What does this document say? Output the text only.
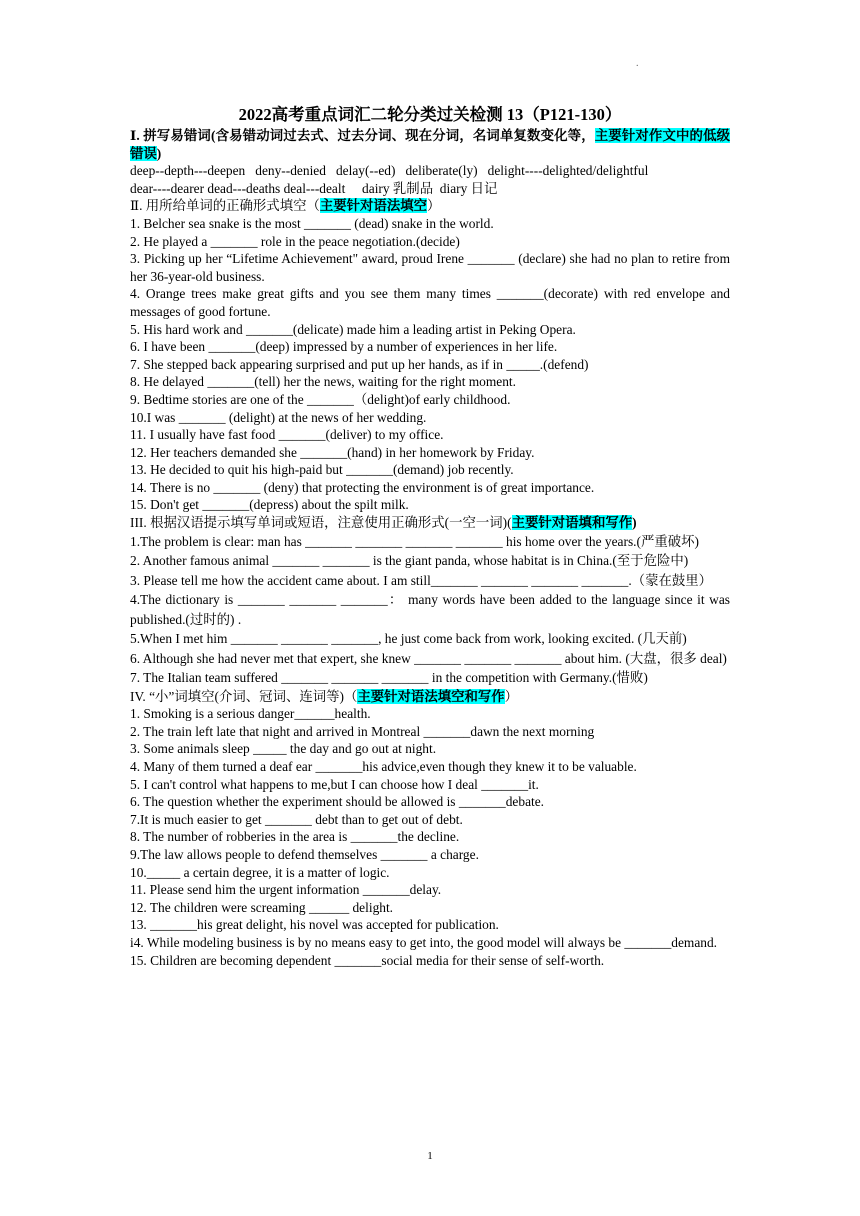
.
2022高考重点词汇二轮分类过关检测 13（P121-130）
Ⅰ. 拼写易错词(含易错动词过去式、过去分词、现在分词，名词单复数变化等，主要针对作文中的低级错误)
deep--depth---deepen   deny--denied   delay(--ed)   deliberate(ly)   delight----delighted/delightful
dear----dearer dead---deaths deal---dealt     dairy 乳制品  diary 日记
Ⅱ. 用所给单词的正确形式填空（主要针对语法填空）
1. Belcher sea snake is the most _______ (dead) snake in the world.
2. He played a _______ role in the peace negotiation.(decide)
3. Picking up her “Lifetime Achievement" award, proud Irene _______ (declare) she had no plan to retire from her 36-year-old business.
4. Orange trees make great gifts and you see them many times _______(decorate) with red envelope and messages of good fortune.
5. His hard work and _______(delicate) made him a leading artist in Peking Opera.
6. I have been _______(deep) impressed by a number of experiences in her life.
7. She stepped back appearing surprised and put up her hands, as if in _____.(defend)
8. He delayed _______(tell) her the news, waiting for the right moment.
9. Bedtime stories are one of the _______（delight)of early childhood.
10.I was _______ (delight) at the news of her wedding.
11. I usually have fast food _______(deliver) to my office.
12. Her teachers demanded she _______(hand) in her homework by Friday.
13. He decided to quit his high-paid but _______(demand) job recently.
14. There is no _______ (deny) that protecting the environment is of great importance.
15. Don't get _______(depress) about the spilt milk.
III. 根据汉语提示填写单词或短语，注意使用正确形式(一空一词)(主要针对语填和写作)
1.The problem is clear: man has _______ _______ _______ _______ his home over the years.(严重破坏)
2. Another famous animal _______ _______ is the giant panda, whose habitat is in China.(至于危险中)
3. Please tell me how the accident came about. I am still_______ _______ _______ _______.（蒙在鼓里）
4.The dictionary is _______ _______ _______： many words have been added to the language since it was published.(过时的) .
5.When I met him _______ _______ _______, he just come back from work, looking excited. (几天前)
6. Although she had never met that expert, she knew _______ _______ _______ about him. (大盘，很多 deal)
7. The Italian team suffered _______ _______ _______ in the competition with Germany.(惜败)
IV. “小”词填空(介词、冠词、连词等)（主要针对语法填空和写作）
1. Smoking is a serious danger______health.
2. The train left late that night and arrived in Montreal _______dawn the next morning
3. Some animals sleep _____ the day and go out at night.
4. Many of them turned a deaf ear _______his advice,even though they knew it to be valuable.
5. I can't control what happens to me,but I can choose how I deal _______it.
6. The question whether the experiment should be allowed is _______debate.
7.It is much easier to get _______ debt than to get out of debt.
8. The number of robberies in the area is _______the decline.
9.The law allows people to defend themselves _______ a charge.
10._____ a certain degree, it is a matter of logic.
11. Please send him the urgent information _______delay.
12. The children were screaming ______ delight.
13. _______his great delight, his novel was accepted for publication.
i4. While modeling business is by no means easy to get into, the good model will always be _______demand.
15. Children are becoming dependent _______social media for their sense of self-worth.
1
